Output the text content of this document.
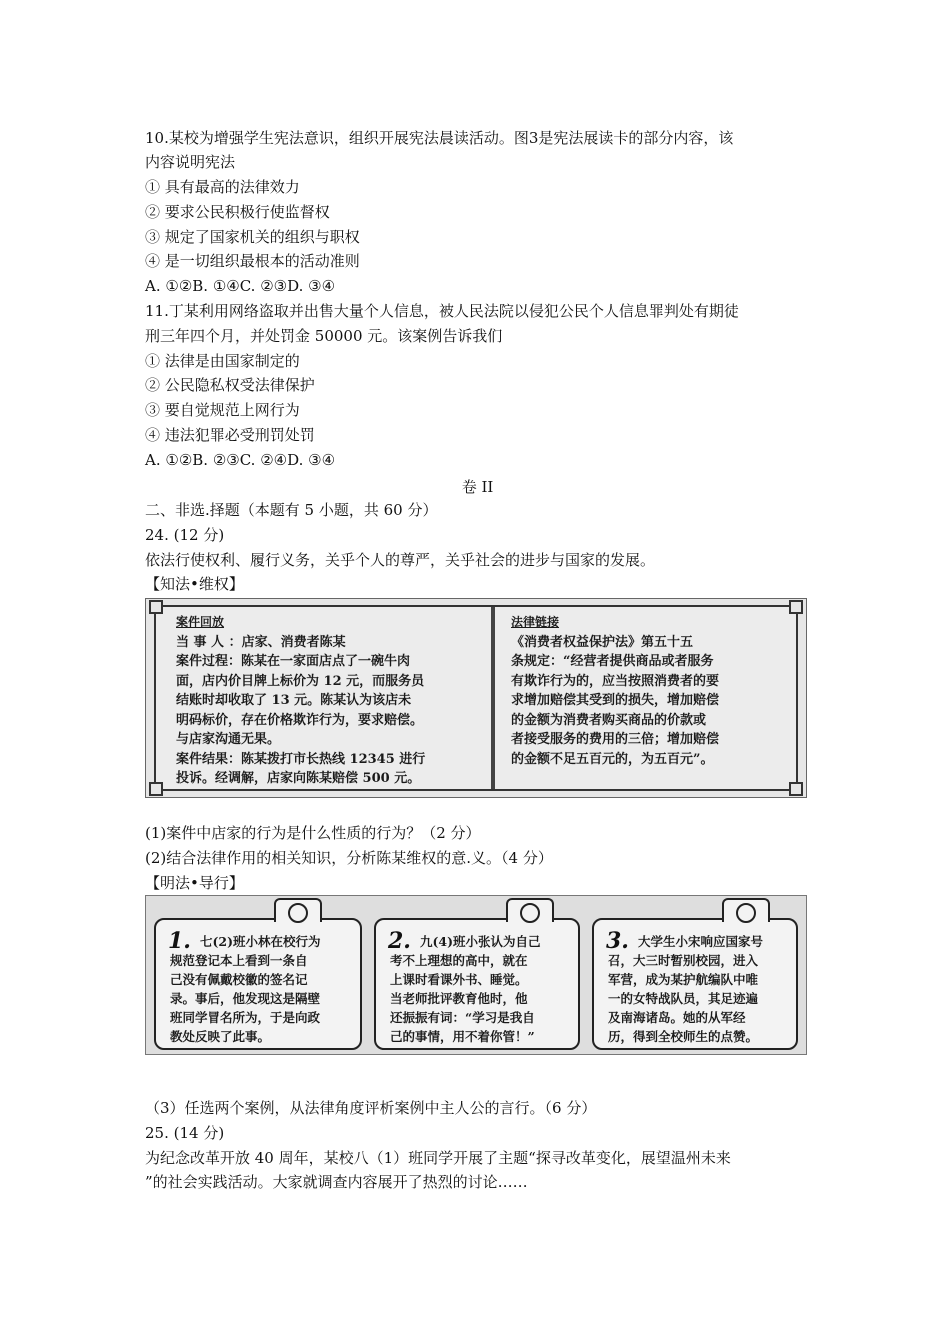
10.某校为增强学生宪法意识，组织开展宪法晨读活动。图3是宪法展读卡的部分内容，该
内容说明宪法
① 具有最高的法律效力
② 要求公民积极行使监督权
③ 规定了国家机关的组织与职权
④ 是一切组织最根本的活动准则
A. ①②B. ①④C. ②③D. ③④
11.丁某利用网络盗取并出售大量个人信息，被人民法院以侵犯公民个人信息罪判处有期徒
刑三年四个月，并处罚金 50000 元。该案例告诉我们
① 法律是由国家制定的
② 公民隐私权受法律保护
③ 要自觉规范上网行为
④ 违法犯罪必受刑罚处罚
A. ①②B. ②③C. ②④D. ③④
卷 II
二、非选.择题（本题有 5 小题，共 60 分）
24. (12 分)
依法行使权利、履行义务，关乎个人的尊严，关乎社会的进步与国家的发展。
【知法•维权】
案件回放
当 事 人 ：店家、消费者陈某
案件过程：陈某在一家面店点了一碗牛肉
面，店内价目牌上标价为 12 元，而服务员
结账时却收取了 13 元。陈某认为该店未
明码标价，存在价格欺诈行为，要求赔偿。
与店家沟通无果。
案件结果：陈某拨打市长热线 12345 进行
投诉。经调解，店家向陈某赔偿 500 元。
法律链接
《消费者权益保护法》第五十五
条规定：“经营者提供商品或者服务
有欺诈行为的，应当按照消费者的要
求增加赔偿其受到的损失，增加赔偿
的金额为消费者购买商品的价款或
者接受服务的费用的三倍；增加赔偿
的金额不足五百元的，为五百元”。
(1)案件中店家的行为是什么性质的行为？（2 分）
(2)结合法律作用的相关知识，分析陈某维权的意.义。（4 分）
【明法•导行】
1. 七(2)班小林在校行为
规范登记本上看到一条自
己没有佩戴校徽的签名记
录。事后，他发现这是隔壁
班同学冒名所为，于是向政
教处反映了此事。
2. 九(4)班小张认为自己
考不上理想的高中，就在
上课时看课外书、睡觉。
当老师批评教育他时，他
还振振有词：“学习是我自
己的事情，用不着你管！”
3. 大学生小宋响应国家号
召，大三时暂别校园，进入
军营，成为某护航编队中唯
一的女特战队员，其足迹遍
及南海诸岛。她的从军经
历，得到全校师生的点赞。
（3）任选两个案例，从法律角度评析案例中主人公的言行。（6 分）
25. (14 分)
为纪念改革开放 40 周年，某校八（1）班同学开展了主题“探寻改革变化，展望温州未来
”的社会实践活动。大家就调查内容展开了热烈的讨论……
